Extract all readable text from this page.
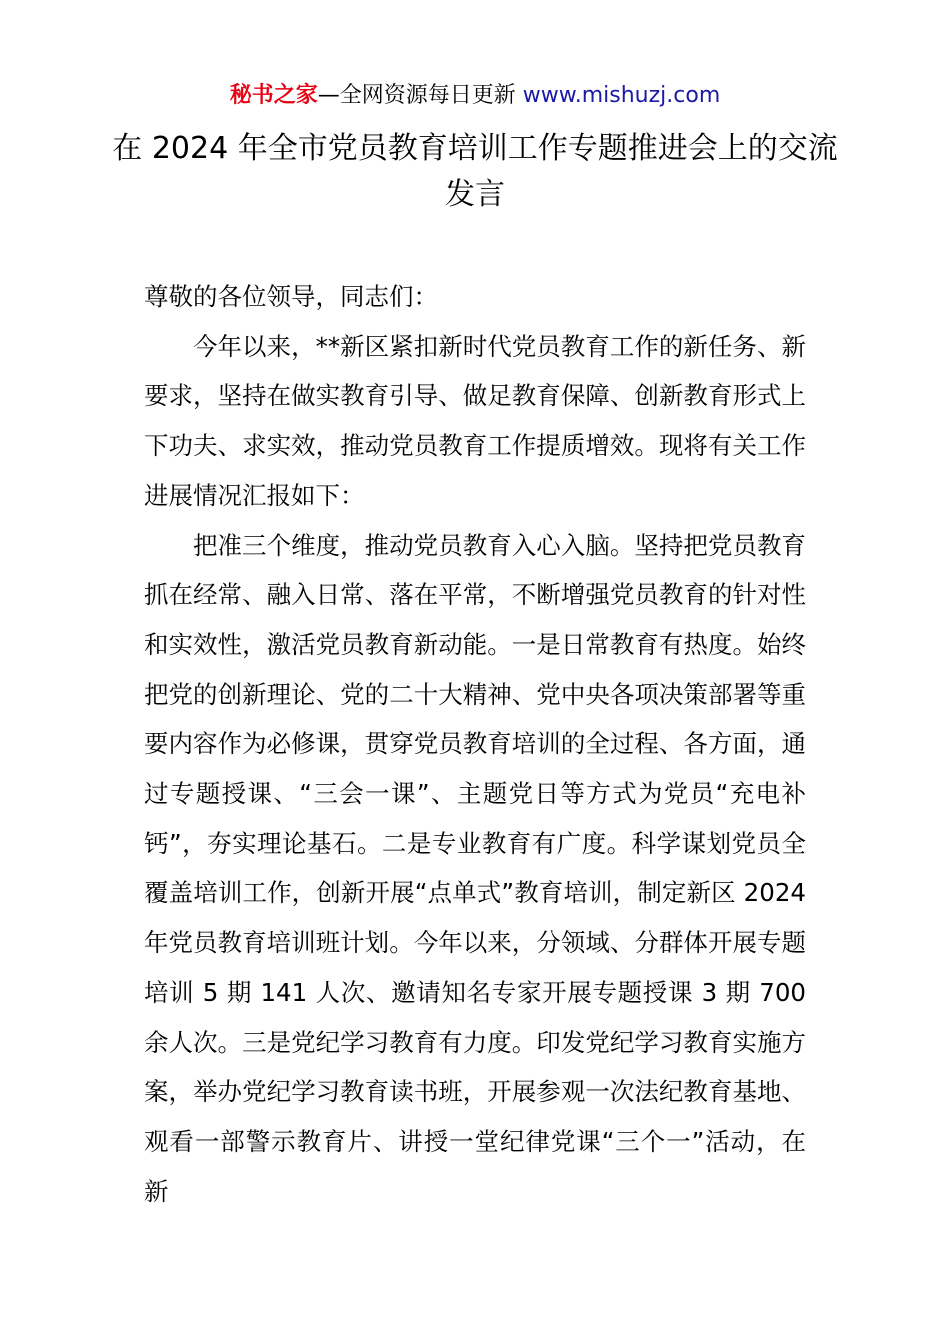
秘书之家—全网资源每日更新 www.mishuzj.com
在 2024 年全市党员教育培训工作专题推进会上的交流发言

尊敬的各位领导，同志们：

今年以来，**新区紧扣新时代党员教育工作的新任务、新要求，坚持在做实教育引导、做足教育保障、创新教育形式上下功夫、求实效，推动党员教育工作提质增效。现将有关工作进展情况汇报如下：

把准三个维度，推动党员教育入心入脑。坚持把党员教育抓在经常、融入日常、落在平常，不断增强党员教育的针对性和实效性，激活党员教育新动能。一是日常教育有热度。始终把党的创新理论、党的二十大精神、党中央各项决策部署等重要内容作为必修课，贯穿党员教育培训的全过程、各方面，通过专题授课、“三会一课”、主题党日等方式为党员“充电补钙”，夯实理论基石。二是专业教育有广度。科学谋划党员全覆盖培训工作，创新开展“点单式”教育培训，制定新区 2024 年党员教育培训班计划。今年以来，分领域、分群体开展专题培训 5 期 141 人次、邀请知名专家开展专题授课 3 期 700 余人次。三是党纪学习教育有力度。印发党纪学习教育实施方案，举办党纪学习教育读书班，开展参观一次法纪教育基地、观看一部警示教育片、讲授一堂纪律党课“三个一”活动，在新
